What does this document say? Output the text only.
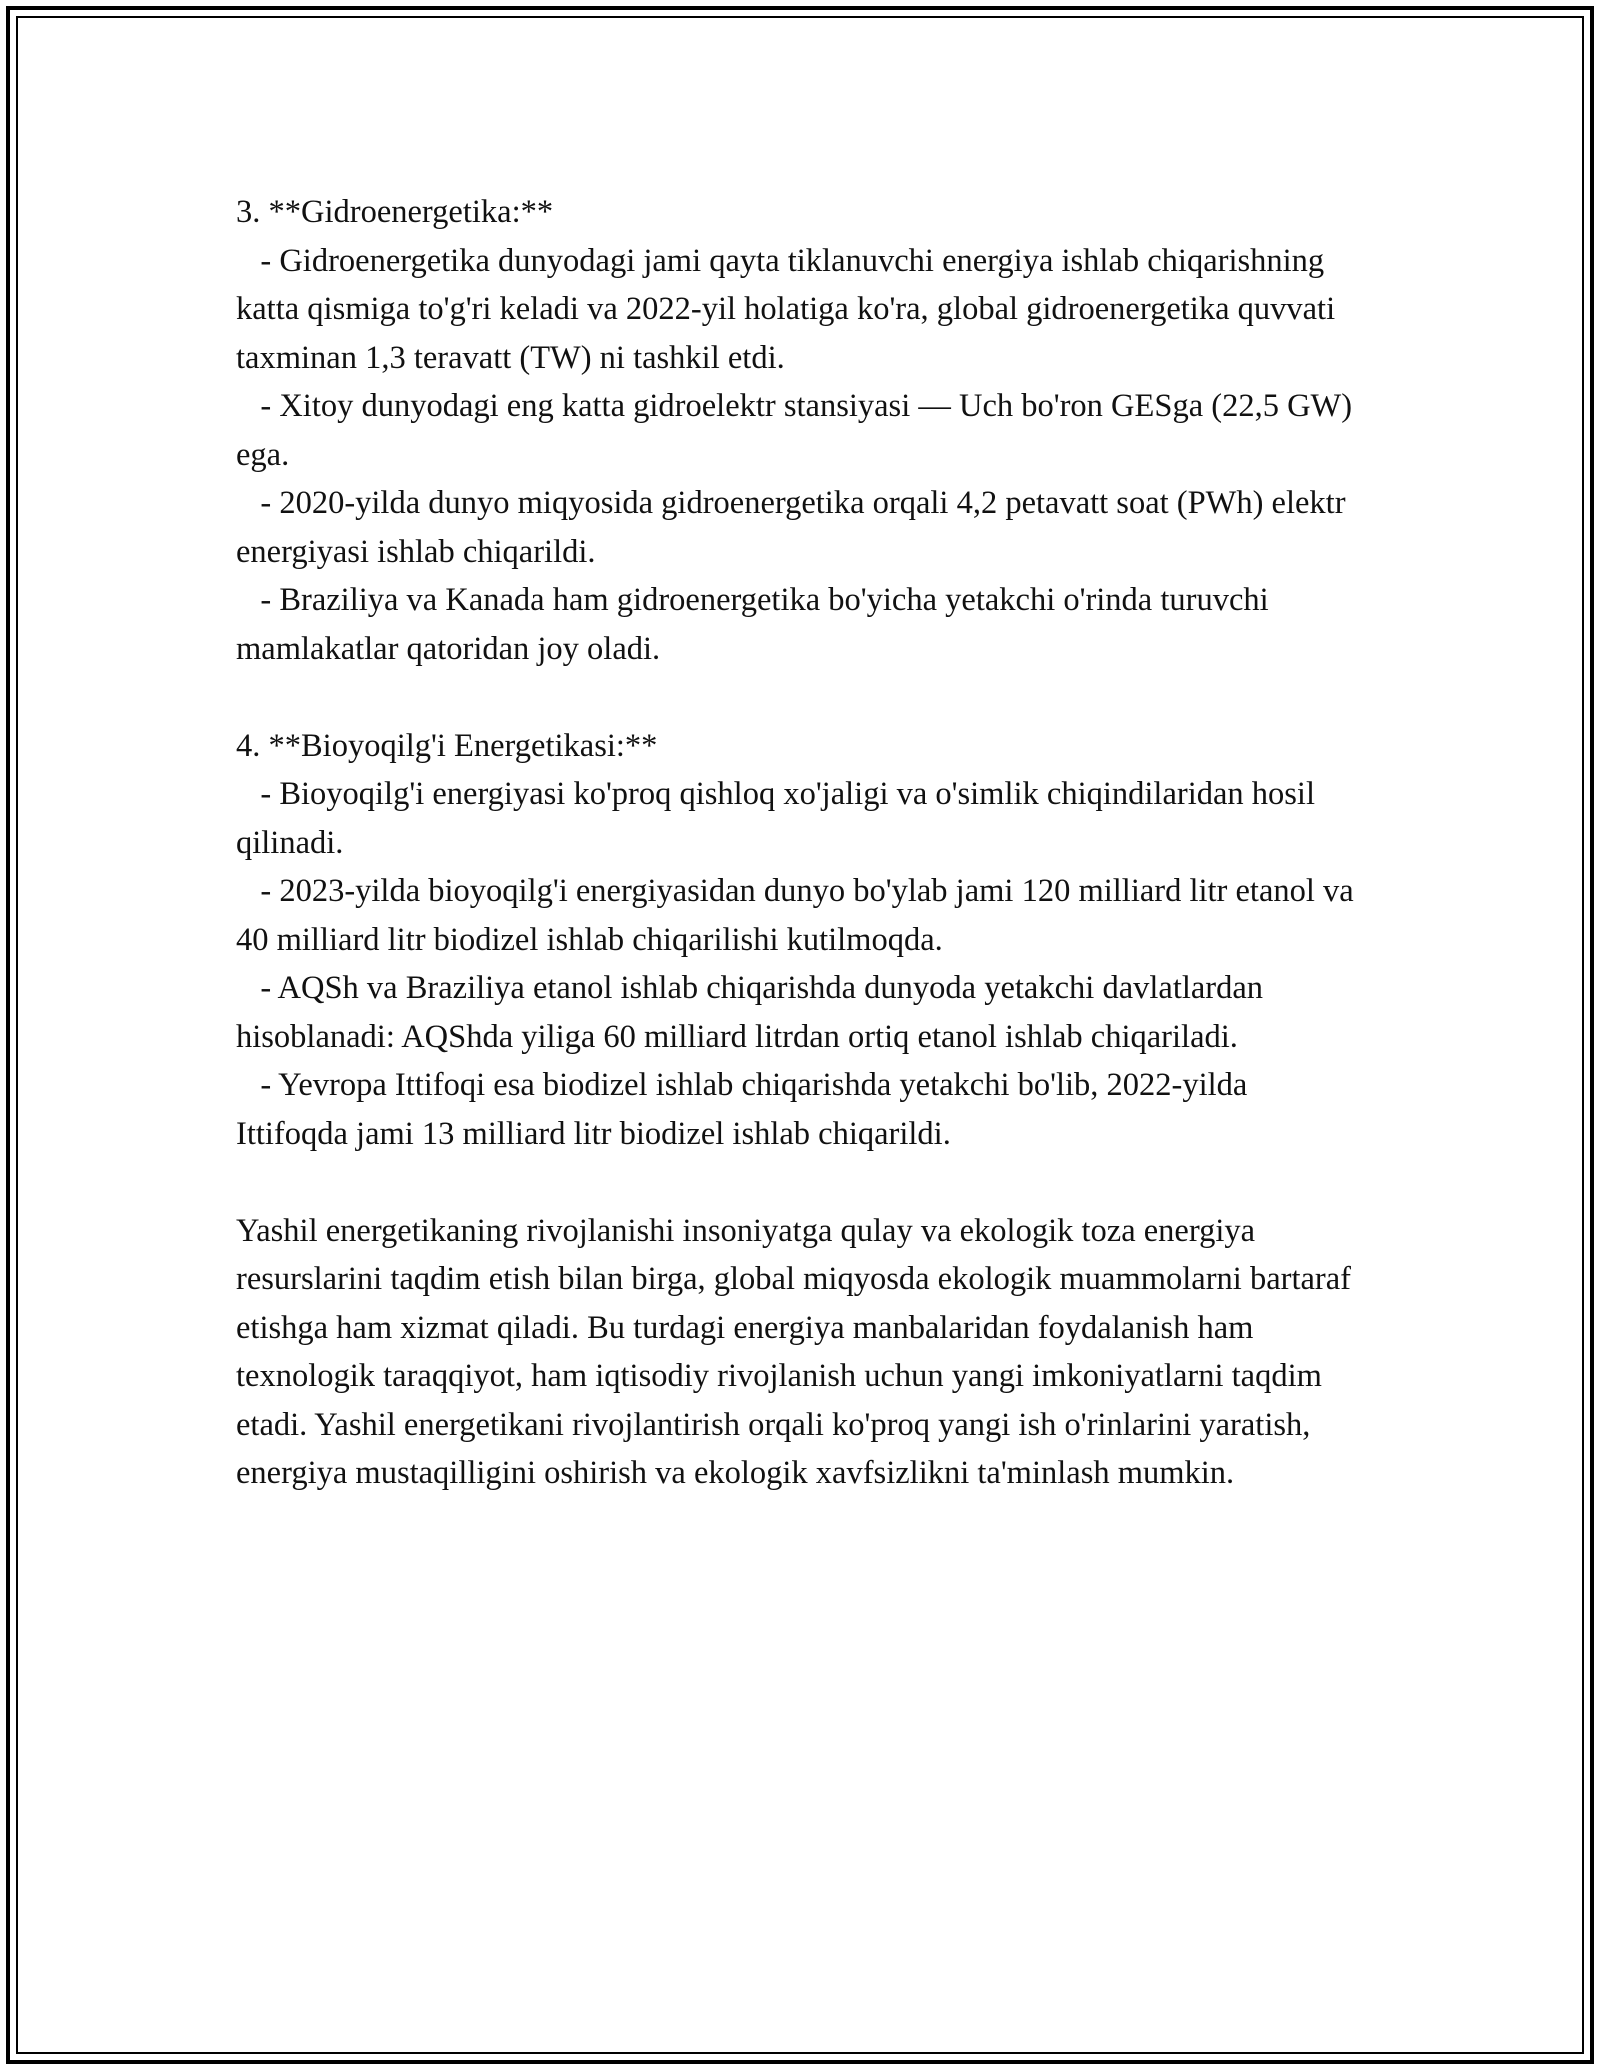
3. **Gidroenergetika:**
- Gidroenergetika dunyodagi jami qayta tiklanuvchi energiya ishlab chiqarishning katta qismiga to'g'ri keladi va 2022-yil holatiga ko'ra, global gidroenergetika quvvati taxminan 1,3 teravatt (TW) ni tashkil etdi.
- Xitoy dunyodagi eng katta gidroelektr stansiyasi — Uch bo'ron GESga (22,5 GW) ega.
- 2020-yilda dunyo miqyosida gidroenergetika orqali 4,2 petavatt soat (PWh) elektr energiyasi ishlab chiqarildi.
- Braziliya va Kanada ham gidroenergetika bo'yicha yetakchi o'rinda turuvchi mamlakatlar qatoridan joy oladi.
4. **Bioyoqilg'i Energetikasi:**
- Bioyoqilg'i energiyasi ko'proq qishloq xo'jaligi va o'simlik chiqindilaridan hosil qilinadi.
- 2023-yilda bioyoqilg'i energiyasidan dunyo bo'ylab jami 120 milliard litr etanol va 40 milliard litr biodizel ishlab chiqarilishi kutilmoqda.
- AQSh va Braziliya etanol ishlab chiqarishda dunyoda yetakchi davlatlardan hisoblanadi: AQShda yiliga 60 milliard litrdan ortiq etanol ishlab chiqariladi.
- Yevropa Ittifoqi esa biodizel ishlab chiqarishda yetakchi bo'lib, 2022-yilda Ittifoqda jami 13 milliard litr biodizel ishlab chiqarildi.

Yashil energetikaning rivojlanishi insoniyatga qulay va ekologik toza energiya resurslarini taqdim etish bilan birga, global miqyosda ekologik muammolarni bartaraf etishga ham xizmat qiladi. Bu turdagi energiya manbalaridan foydalanish ham texnologik taraqqiyot, ham iqtisodiy rivojlanish uchun yangi imkoniyatlarni taqdim etadi. Yashil energetikani rivojlantirish orqali ko'proq yangi ish o'rinlarini yaratish, energiya mustaqilligini oshirish va ekologik xavfsizlikni ta'minlash mumkin.
